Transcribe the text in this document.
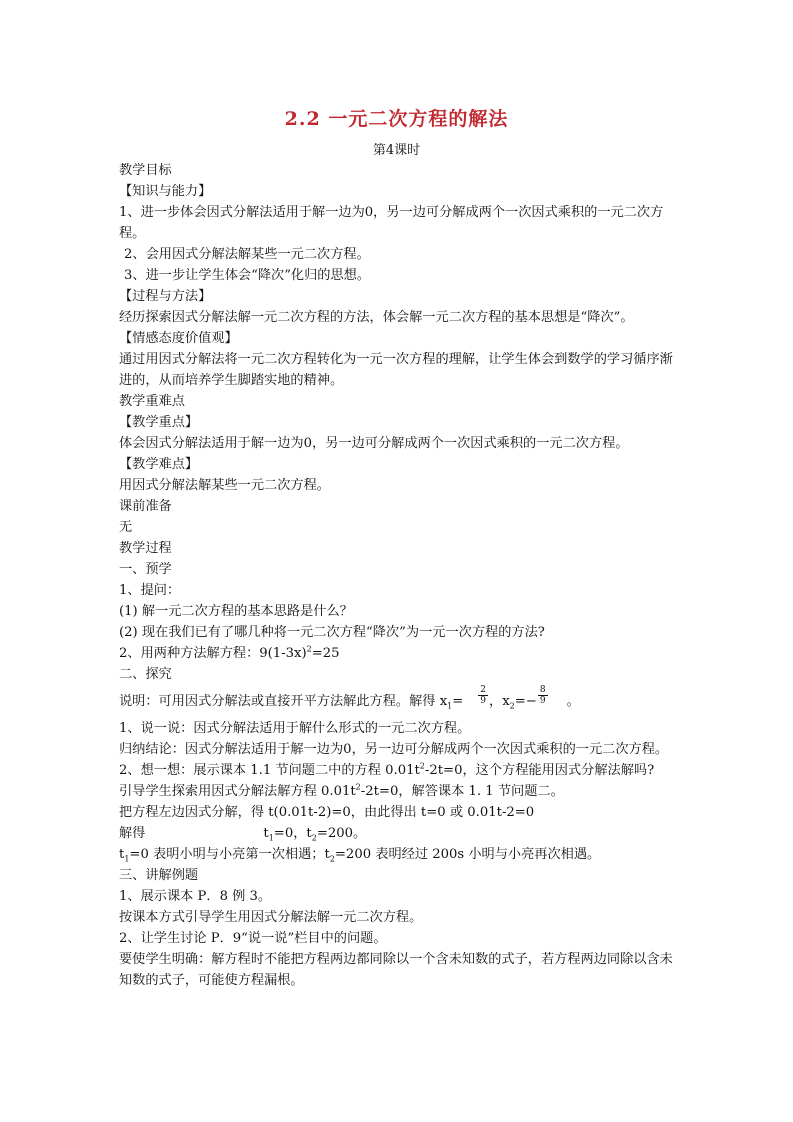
2.2 一元二次方程的解法
第4课时
教学目标
【知识与能力】
1、进一步体会因式分解法适用于解一边为0，另一边可分解成两个一次因式乘积的一元二次方程。
2、会用因式分解法解某些一元二次方程。
3、进一步让学生体会“降次”化归的思想。
【过程与方法】
经历探索因式分解法解一元二次方程的方法，体会解一元二次方程的基本思想是“降次”。
【情感态度价值观】
通过用因式分解法将一元二次方程转化为一元一次方程的理解，让学生体会到数学的学习循序渐进的，从而培养学生脚踏实地的精神。
教学重难点
【教学重点】
体会因式分解法适用于解一边为0，另一边可分解成两个一次因式乘积的一元二次方程。
【教学难点】
用因式分解法解某些一元二次方程。
课前准备
无
教学过程
一、预学
1、提问：
(1) 解一元二次方程的基本思路是什么？
(2) 现在我们已有了哪几种将一元二次方程“降次”为一元一次方程的方法?
2、用两种方法解方程：$9(1-3x)^2=25$
二、探究
说明：可用因式分解法或直接开平方法解此方程。解得 $x_1= \frac{2}{9}$ ，$x_2=- \frac{8}{9}$ 。
1、说一说：因式分解法适用于解什么形式的一元二次方程。
归纳结论：因式分解法适用于解一边为0，另一边可分解成两个一次因式乘积的一元二次方程。
2、想一想：展示课本 1.1 节问题二中的方程 $0.01t^2-2t=0$，这个方程能用因式分解法解吗?
引导学生探索用因式分解法解方程 $0.01t^2-2t=0$，解答课本 1. 1 节问题二。
把方程左边因式分解，得 t(0.01t-2)=0，由此得出 t=0 或 0.01t-2=0
解得	$t_1=0$，$t_2=200$。
$t_1=0$ 表明小明与小亮第一次相遇；$t_2=200$ 表明经过 200s 小明与小亮再次相遇。
三、讲解例题
1、展示课本 P．8 例 3。
按课本方式引导学生用因式分解法解一元二次方程。
2、让学生讨论 P．9“说一说”栏目中的问题。
要使学生明确：解方程时不能把方程两边都同除以一个含未知数的式子，若方程两边同除以含未知数的式子，可能使方程漏根。
